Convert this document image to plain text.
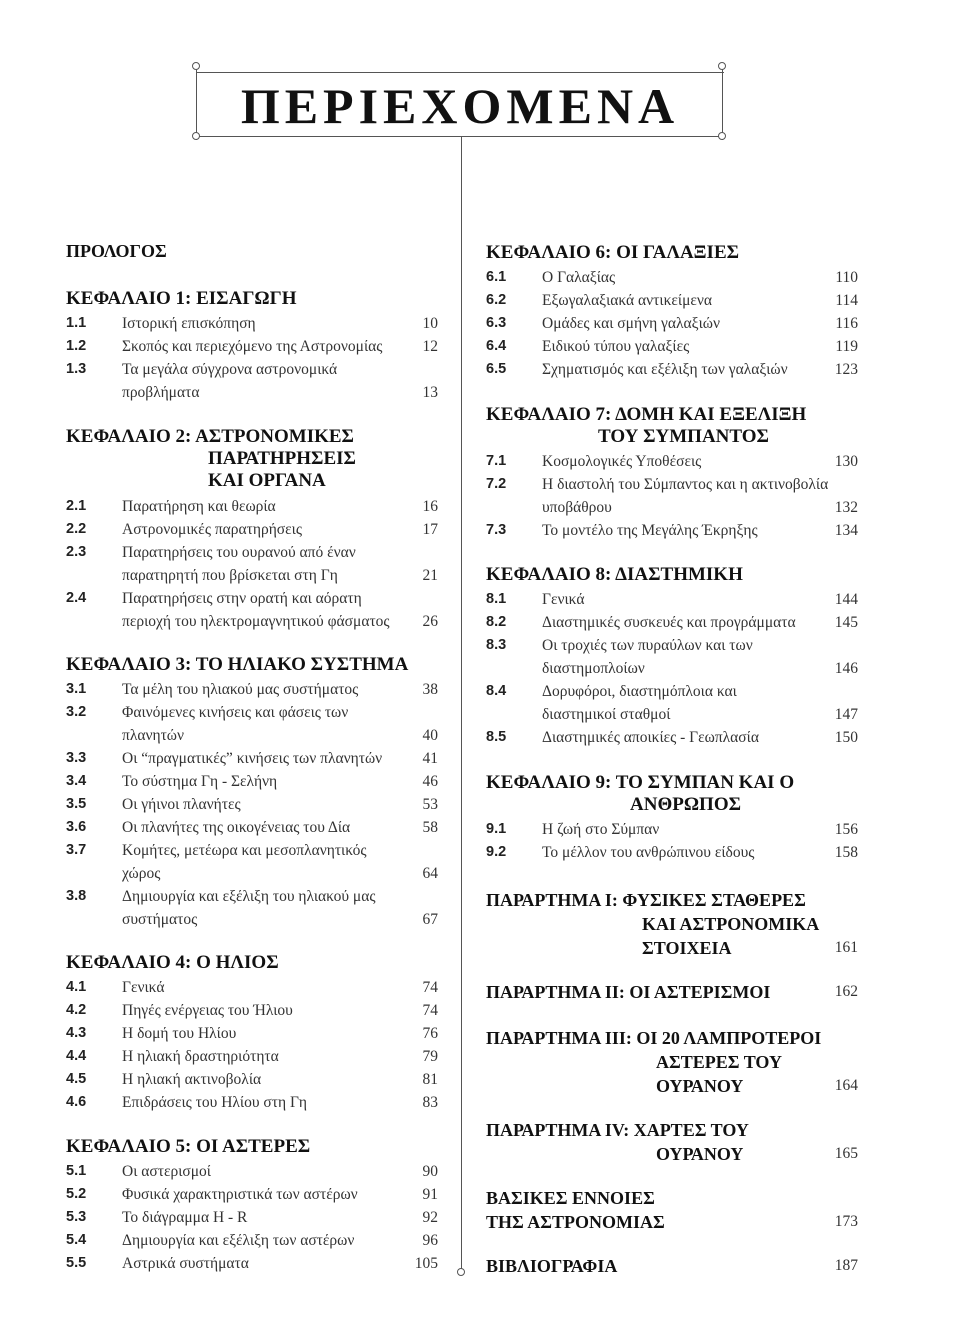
ΠΕΡΙΕΧΟΜΕΝΑ
ΠΡΟΛΟΓΟΣ
ΚΕΦΑΛΑΙΟ 1: ΕΙΣΑΓΩΓΗ
1.1 Ιστορική επισκόπηση	10
1.2 Σκοπός και περιεχόμενο της Αστρονομίας	12
1.3 Τα μεγάλα σύγχρονα αστρονομικά
προβλήματα	13
ΚΕΦΑΛΑΙΟ 2: ΑΣΤΡΟΝΟΜΙΚΕΣ
ΠΑΡΑΤΗΡΗΣΕΙΣ
ΚΑΙ ΟΡΓΑΝΑ
2.1 Παρατήρηση και θεωρία	16
2.2 Αστρονομικές παρατηρήσεις	17
2.3 Παρατηρήσεις του ουρανού από έναν
παρατηρητή που βρίσκεται στη Γη	21
2.4 Παρατηρήσεις στην ορατή και αόρατη
περιοχή του ηλεκτρομαγνητικού φάσματος 26
ΚΕΦΑΛΑΙΟ 3: ΤΟ ΗΛΙΑΚΟ ΣΥΣΤΗΜΑ
3.1 Τα μέλη του ηλιακού μας συστήματος	38
3.2 Φαινόμενες κινήσεις και φάσεις των
πλανητών	40
3.3 Οι “πραγματικές” κινήσεις των πλανητών	41
3.4 Το σύστημα Γη - Σελήνη	46
3.5 Οι γήινοι πλανήτες	53
3.6 Οι πλανήτες της οικογένειας του Δία	58
3.7 Κομήτες, μετέωρα και μεσοπλανητικός
χώρος	64
3.8 Δημιουργία και εξέλιξη του ηλιακού μας
συστήματος	67
ΚΕΦΑΛΑΙΟ 4: Ο ΗΛΙΟΣ
4.1 Γενικά	74
4.2 Πηγές ενέργειας του Ήλιου	74
4.3 Η δομή του Ηλίου	76
4.4 Η ηλιακή δραστηριότητα	79
4.5 Η ηλιακή ακτινοβολία	81
4.6 Επιδράσεις του Ηλίου στη Γη	83
ΚΕΦΑΛΑΙΟ 5: ΟΙ ΑΣΤΕΡΕΣ
5.1 Οι αστερισμοί	90
5.2 Φυσικά χαρακτηριστικά των αστέρων	91
5.3 Το διάγραμμα Η - R	92
5.4 Δημιουργία και εξέλιξη των αστέρων	96
5.5 Αστρικά συστήματα	105
ΚΕΦΑΛΑΙΟ 6: ΟΙ ΓΑΛΑΞΙΕΣ
6.1 Ο Γαλαξίας	110
6.2 Εξωγαλαξιακά αντικείμενα	114
6.3 Ομάδες και σμήνη γαλαξιών	116
6.4 Ειδικού τύπου γαλαξίες	119
6.5 Σχηματισμός και εξέλιξη των γαλαξιών	123
ΚΕΦΑΛΑΙΟ 7: ΔΟΜΗ ΚΑΙ ΕΞΕΛΙΞΗ
ΤΟΥ ΣΥΜΠΑΝΤΟΣ
7.1 Κοσμολογικές Υποθέσεις	130
7.2 Η διαστολή του Σύμπαντος και η ακτινοβολία
υποβάθρου	132
7.3 Το μοντέλο της Μεγάλης Έκρηξης	134
ΚΕΦΑΛΑΙΟ 8: ΔΙΑΣΤΗΜΙΚΗ
8.1 Γενικά	144
8.2 Διαστημικές συσκευές και προγράμματα	145
8.3 Οι τροχιές των πυραύλων και των
διαστημοπλοίων	146
8.4 Δορυφόροι, διαστημόπλοια και
διαστημικοί σταθμοί	147
8.5 Διαστημικές αποικίες - Γεωπλασία	150
ΚΕΦΑΛΑΙΟ 9: ΤΟ ΣΥΜΠΑΝ ΚΑΙ Ο
ΑΝΘΡΩΠΟΣ
9.1 Η ζωή στο Σύμπαν	156
9.2 Το μέλλον του ανθρώπινου είδους	158
ΠΑΡΑΡΤΗΜΑ Ι: ΦΥΣΙΚΕΣ ΣΤΑΘΕΡΕΣ
ΚΑΙ ΑΣΤΡΟΝΟΜΙΚΑ
ΣΤΟΙΧΕΙΑ	161
ΠΑΡΑΡΤΗΜΑ ΙΙ: ΟΙ ΑΣΤΕΡΙΣΜΟΙ	162
ΠΑΡΑΡΤΗΜΑ ΙΙΙ: ΟΙ 20 ΛΑΜΠΡΟΤΕΡΟΙ
ΑΣΤΕΡΕΣ ΤΟΥ
ΟΥΡΑΝΟΥ	164
ΠΑΡΑΡΤΗΜΑ ΙV: ΧΑΡΤΕΣ ΤΟΥ
ΟΥΡΑΝΟΥ	165
ΒΑΣΙΚΕΣ ΕΝΝΟΙΕΣ
ΤΗΣ ΑΣΤΡΟΝΟΜΙΑΣ	173
ΒΙΒΛΙΟΓΡΑΦΙΑ	187
